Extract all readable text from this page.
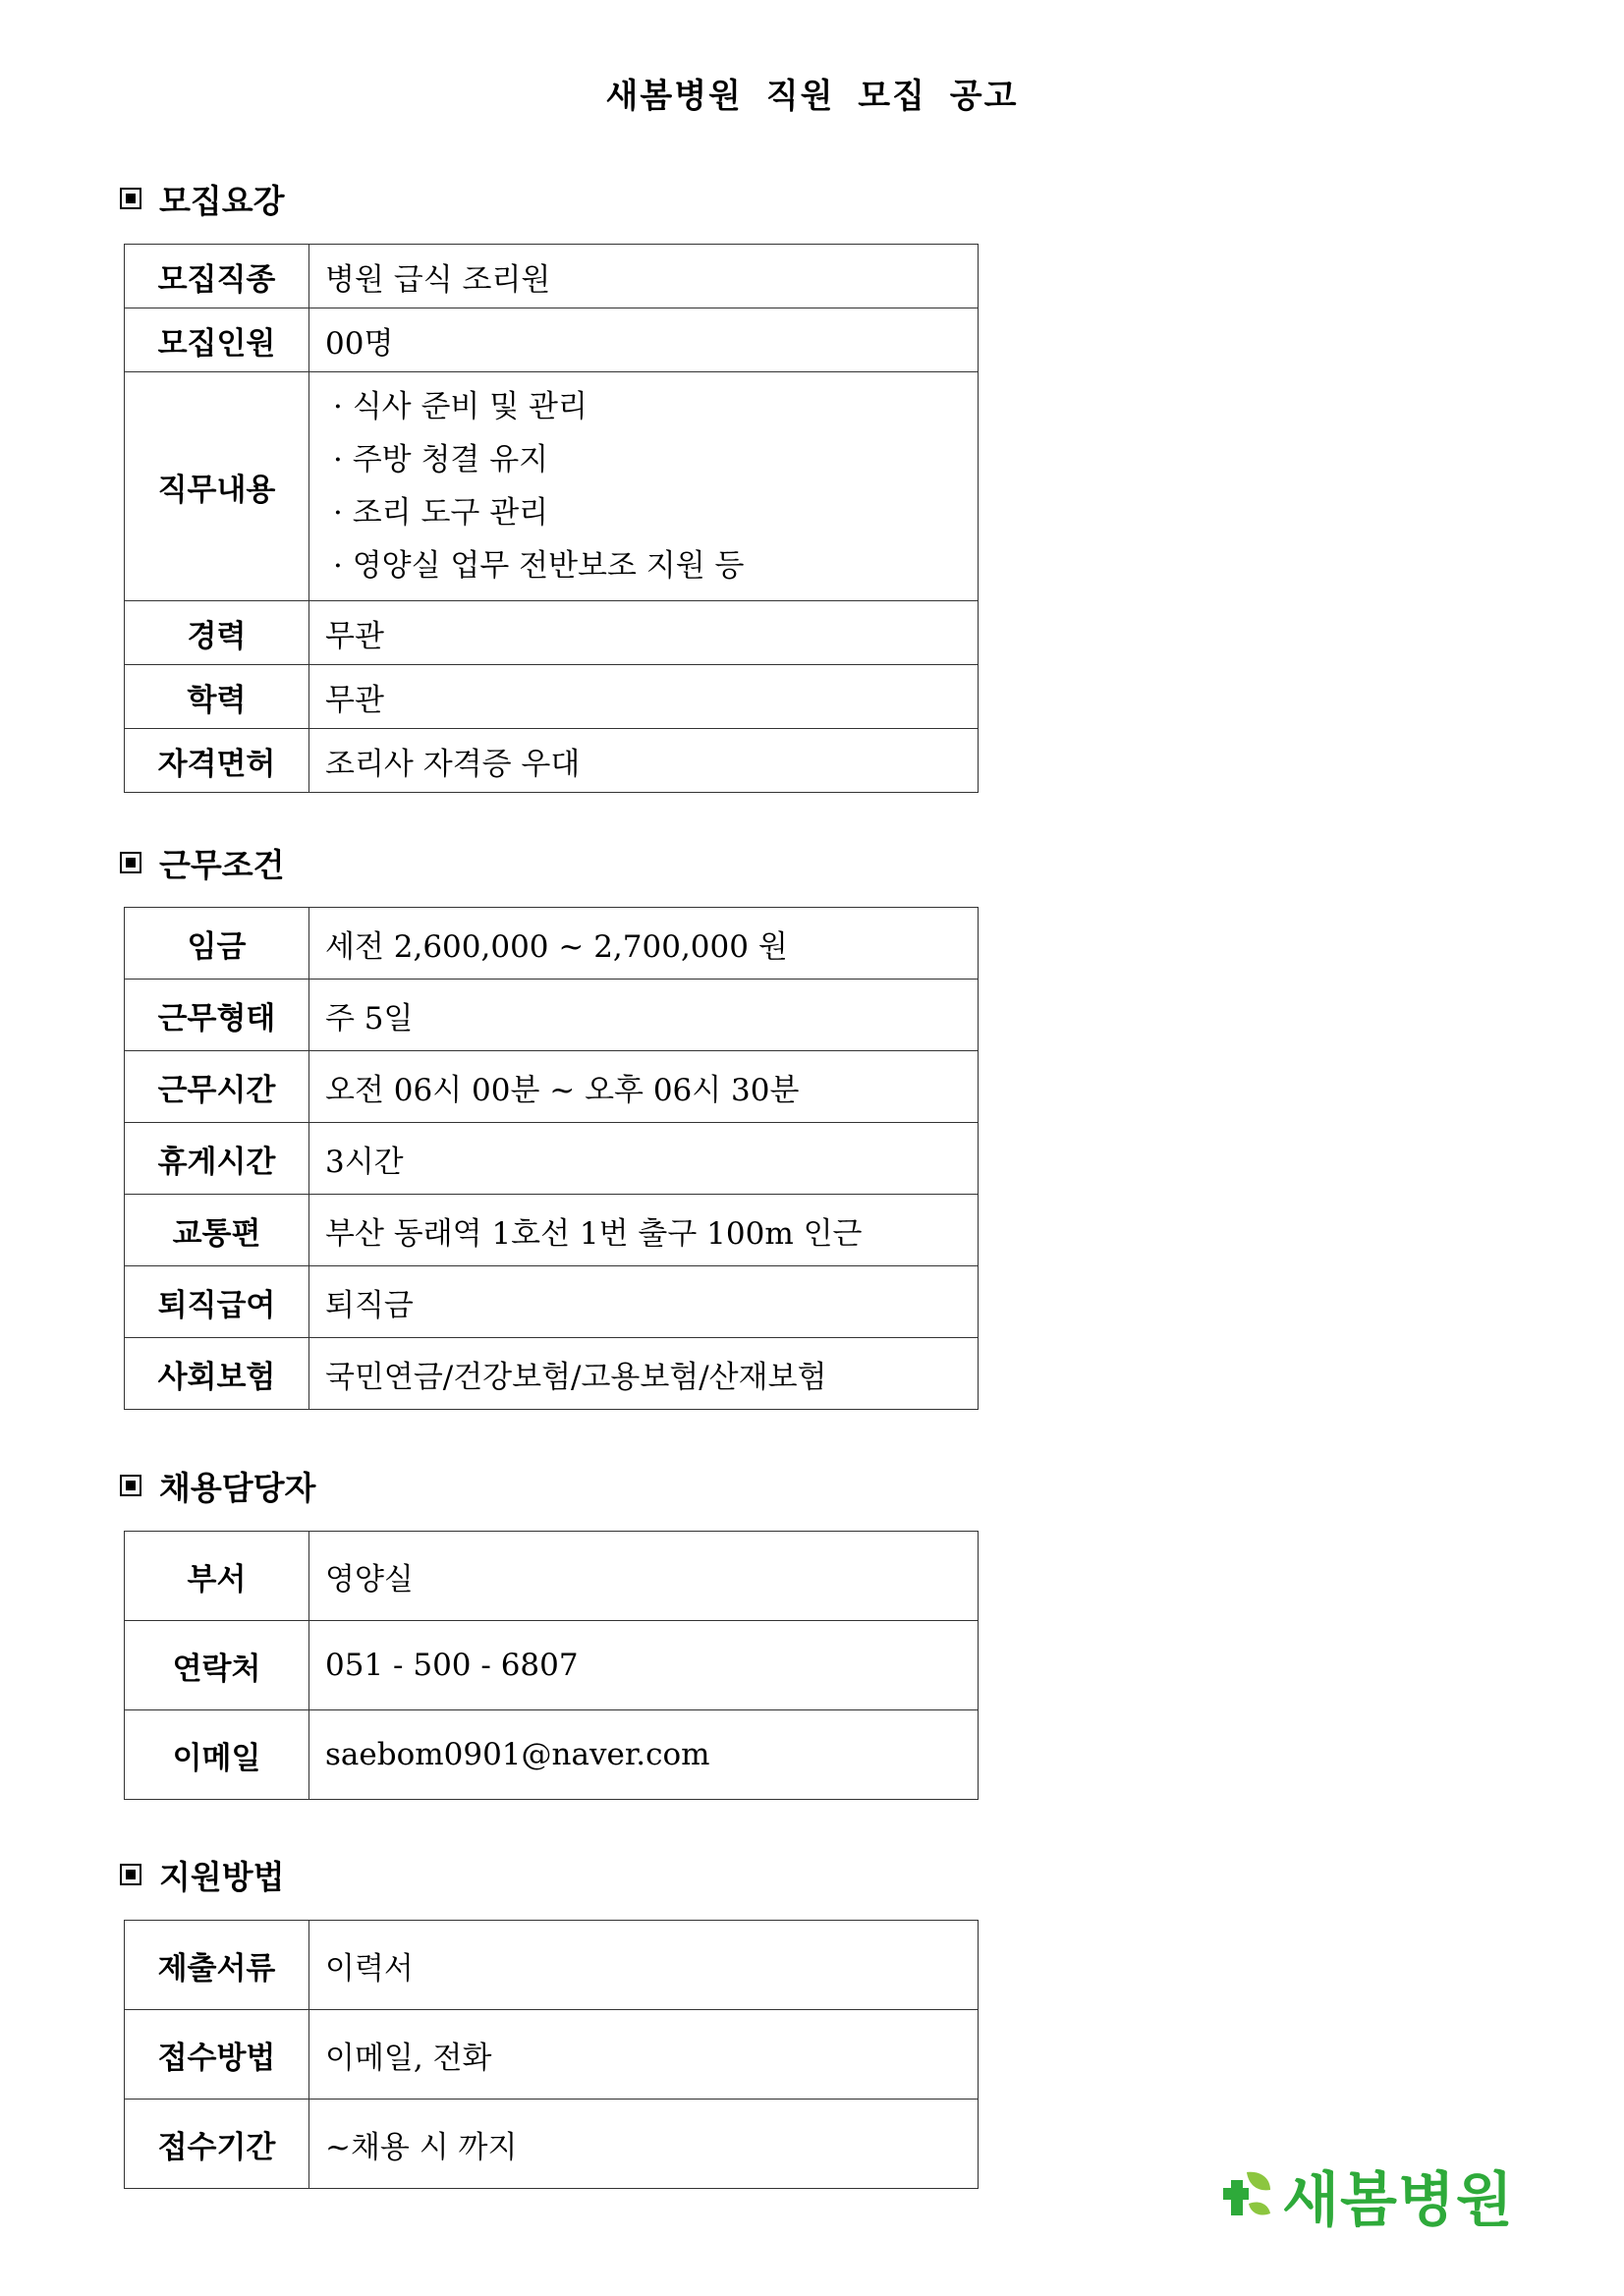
새봄병원 직원 모집 공고
모집요강
모집직종	병원 급식 조리원
모집인원	00명
직무내용	· 식사 준비 및 관리
· 주방 청결 유지
· 조리 도구 관리
· 영양실 업무 전반보조 지원 등

경력	무관
학력	무관
자격면허	조리사 자격증 우대
근무조건
임금	세전 2,600,000 ~ 2,700,000 원
근무형태	주 5일
근무시간	오전 06시 00분 ~ 오후 06시 30분
휴게시간	3시간
교통편	부산 동래역 1호선 1번 출구 100m 인근
퇴직급여	퇴직금
사회보험	국민연금/건강보험/고용보험/산재보험
채용담당자
부서	영양실
연락처	051 - 500 - 6807
이메일	saebom0901@naver.com
지원방법
제출서류	이력서
접수방법	이메일, 전화
접수기간	~채용 시 까지
새봄병원
